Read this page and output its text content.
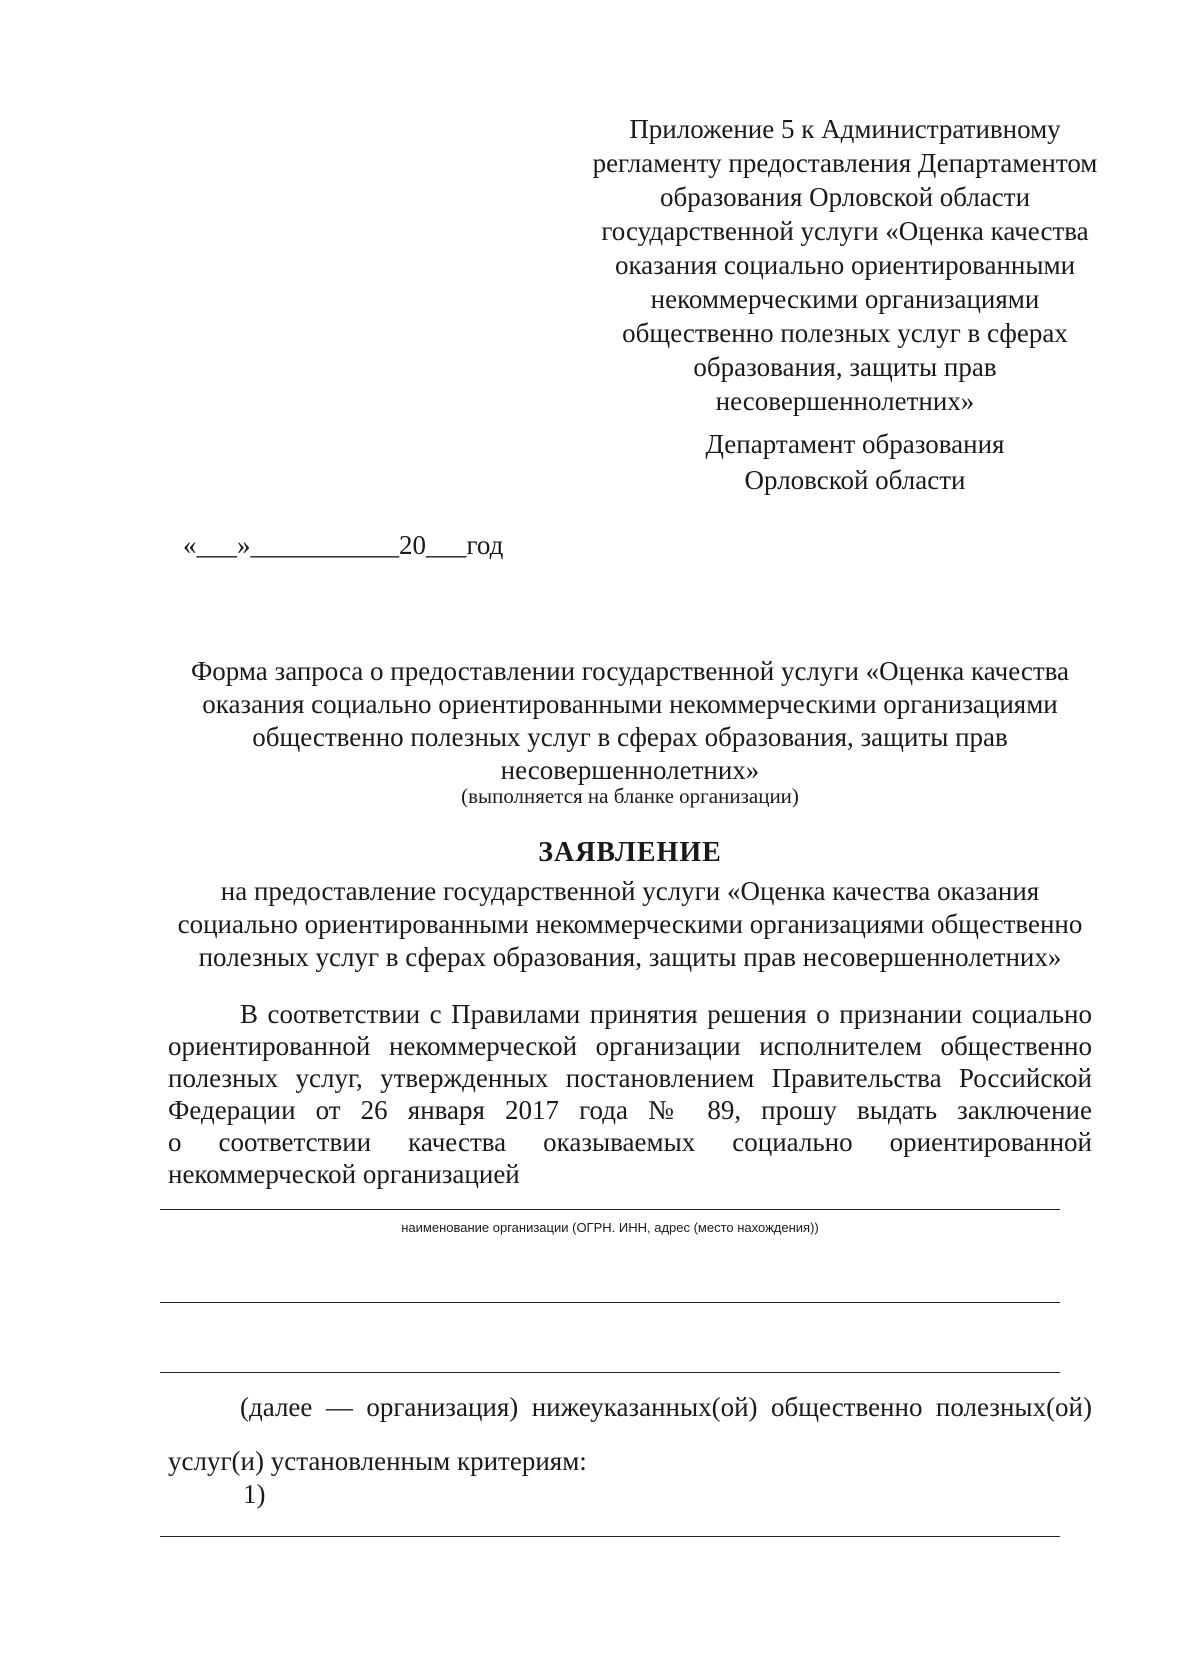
Приложение 5 к Административному
регламенту предоставления Департаментом
образования Орловской области
государственной услуги «Оценка качества
оказания социально ориентированными
некоммерческими организациями
общественно полезных услуг в сферах
образования, защиты прав
несовершеннолетних»
Департамент образования
Орловской области
«___»___________20___год
Форма запроса о предоставлении государственной услуги «Оценка качества
оказания социально ориентированными некоммерческими организациями
общественно полезных услуг в сферах образования, защиты прав
несовершеннолетних»
(выполняется на бланке организации)
ЗАЯВЛЕНИЕ
на предоставление государственной услуги «Оценка качества оказания
социально ориентированными некоммерческими организациями общественно
полезных услуг в сферах образования, защиты прав несовершеннолетних»
В соответствии с Правилами принятия решения о признании социально
ориентированной некоммерческой организации исполнителем общественно
полезных услуг, утвержденных постановлением Правительства Российской
Федерации от 26 января 2017 года № 89, прошу выдать заключение
о соответствии качества оказываемых социально ориентированной
некоммерческой организацией
наименование организации (ОГРН. ИНН, адрес (место нахождения))
(далее — организация) нижеуказанных(ой) общественно полезных(ой)
услуг(и) установленным критериям:
1)
